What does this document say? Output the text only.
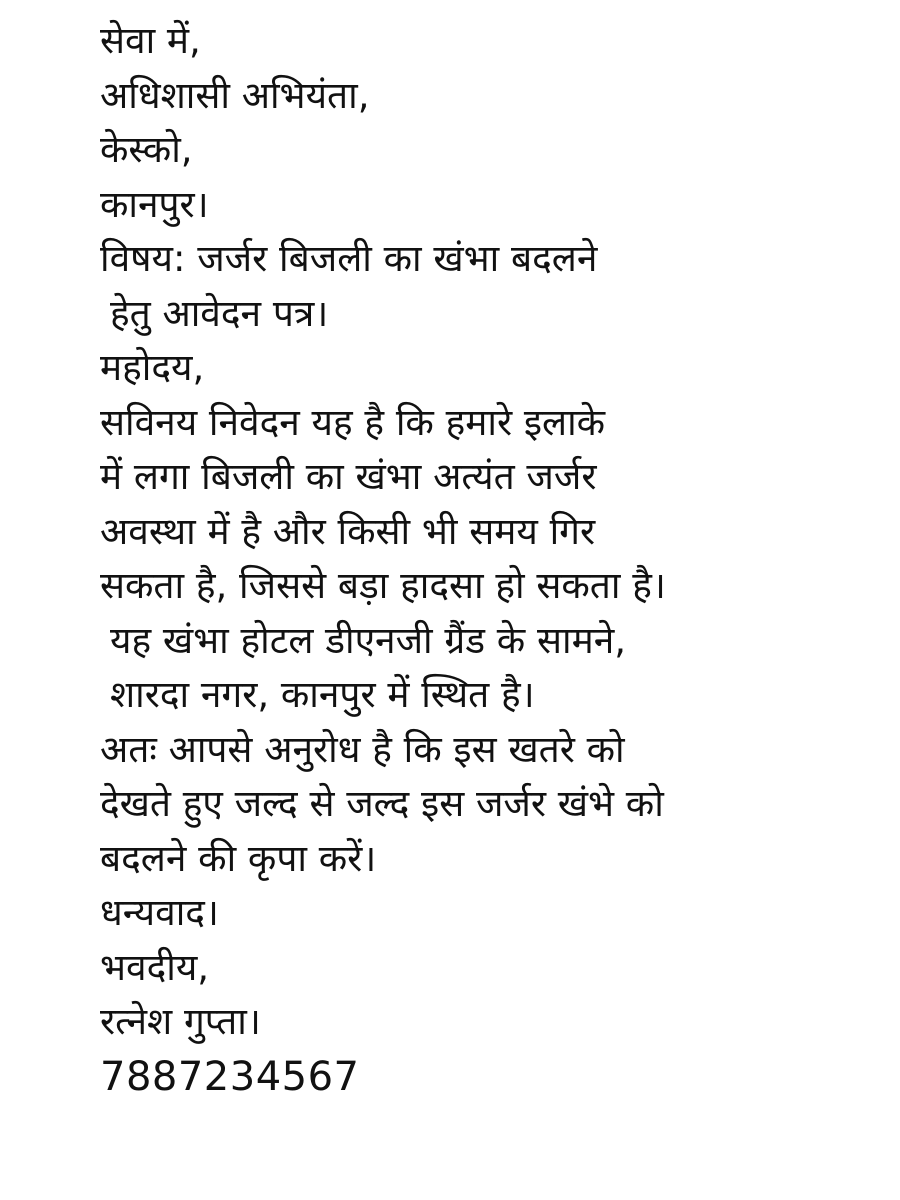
सेवा में,
अधिशासी अभियंता,
केस्को,
कानपुर।
विषय: जर्जर बिजली का खंभा बदलने
हेतु आवेदन पत्र।
महोदय,
सविनय निवेदन यह है कि हमारे इलाके
में लगा बिजली का खंभा अत्यंत जर्जर
अवस्था में है और किसी भी समय गिर
सकता है, जिससे बड़ा हादसा हो सकता है।
यह खंभा होटल डीएनजी ग्रैंड के सामने,
शारदा नगर, कानपुर में स्थित है।
अतः आपसे अनुरोध है कि इस खतरे को
देखते हुए जल्द से जल्द इस जर्जर खंभे को
बदलने की कृपा करें।
धन्यवाद।
भवदीय,
रत्नेश गुप्ता।
7887234567
